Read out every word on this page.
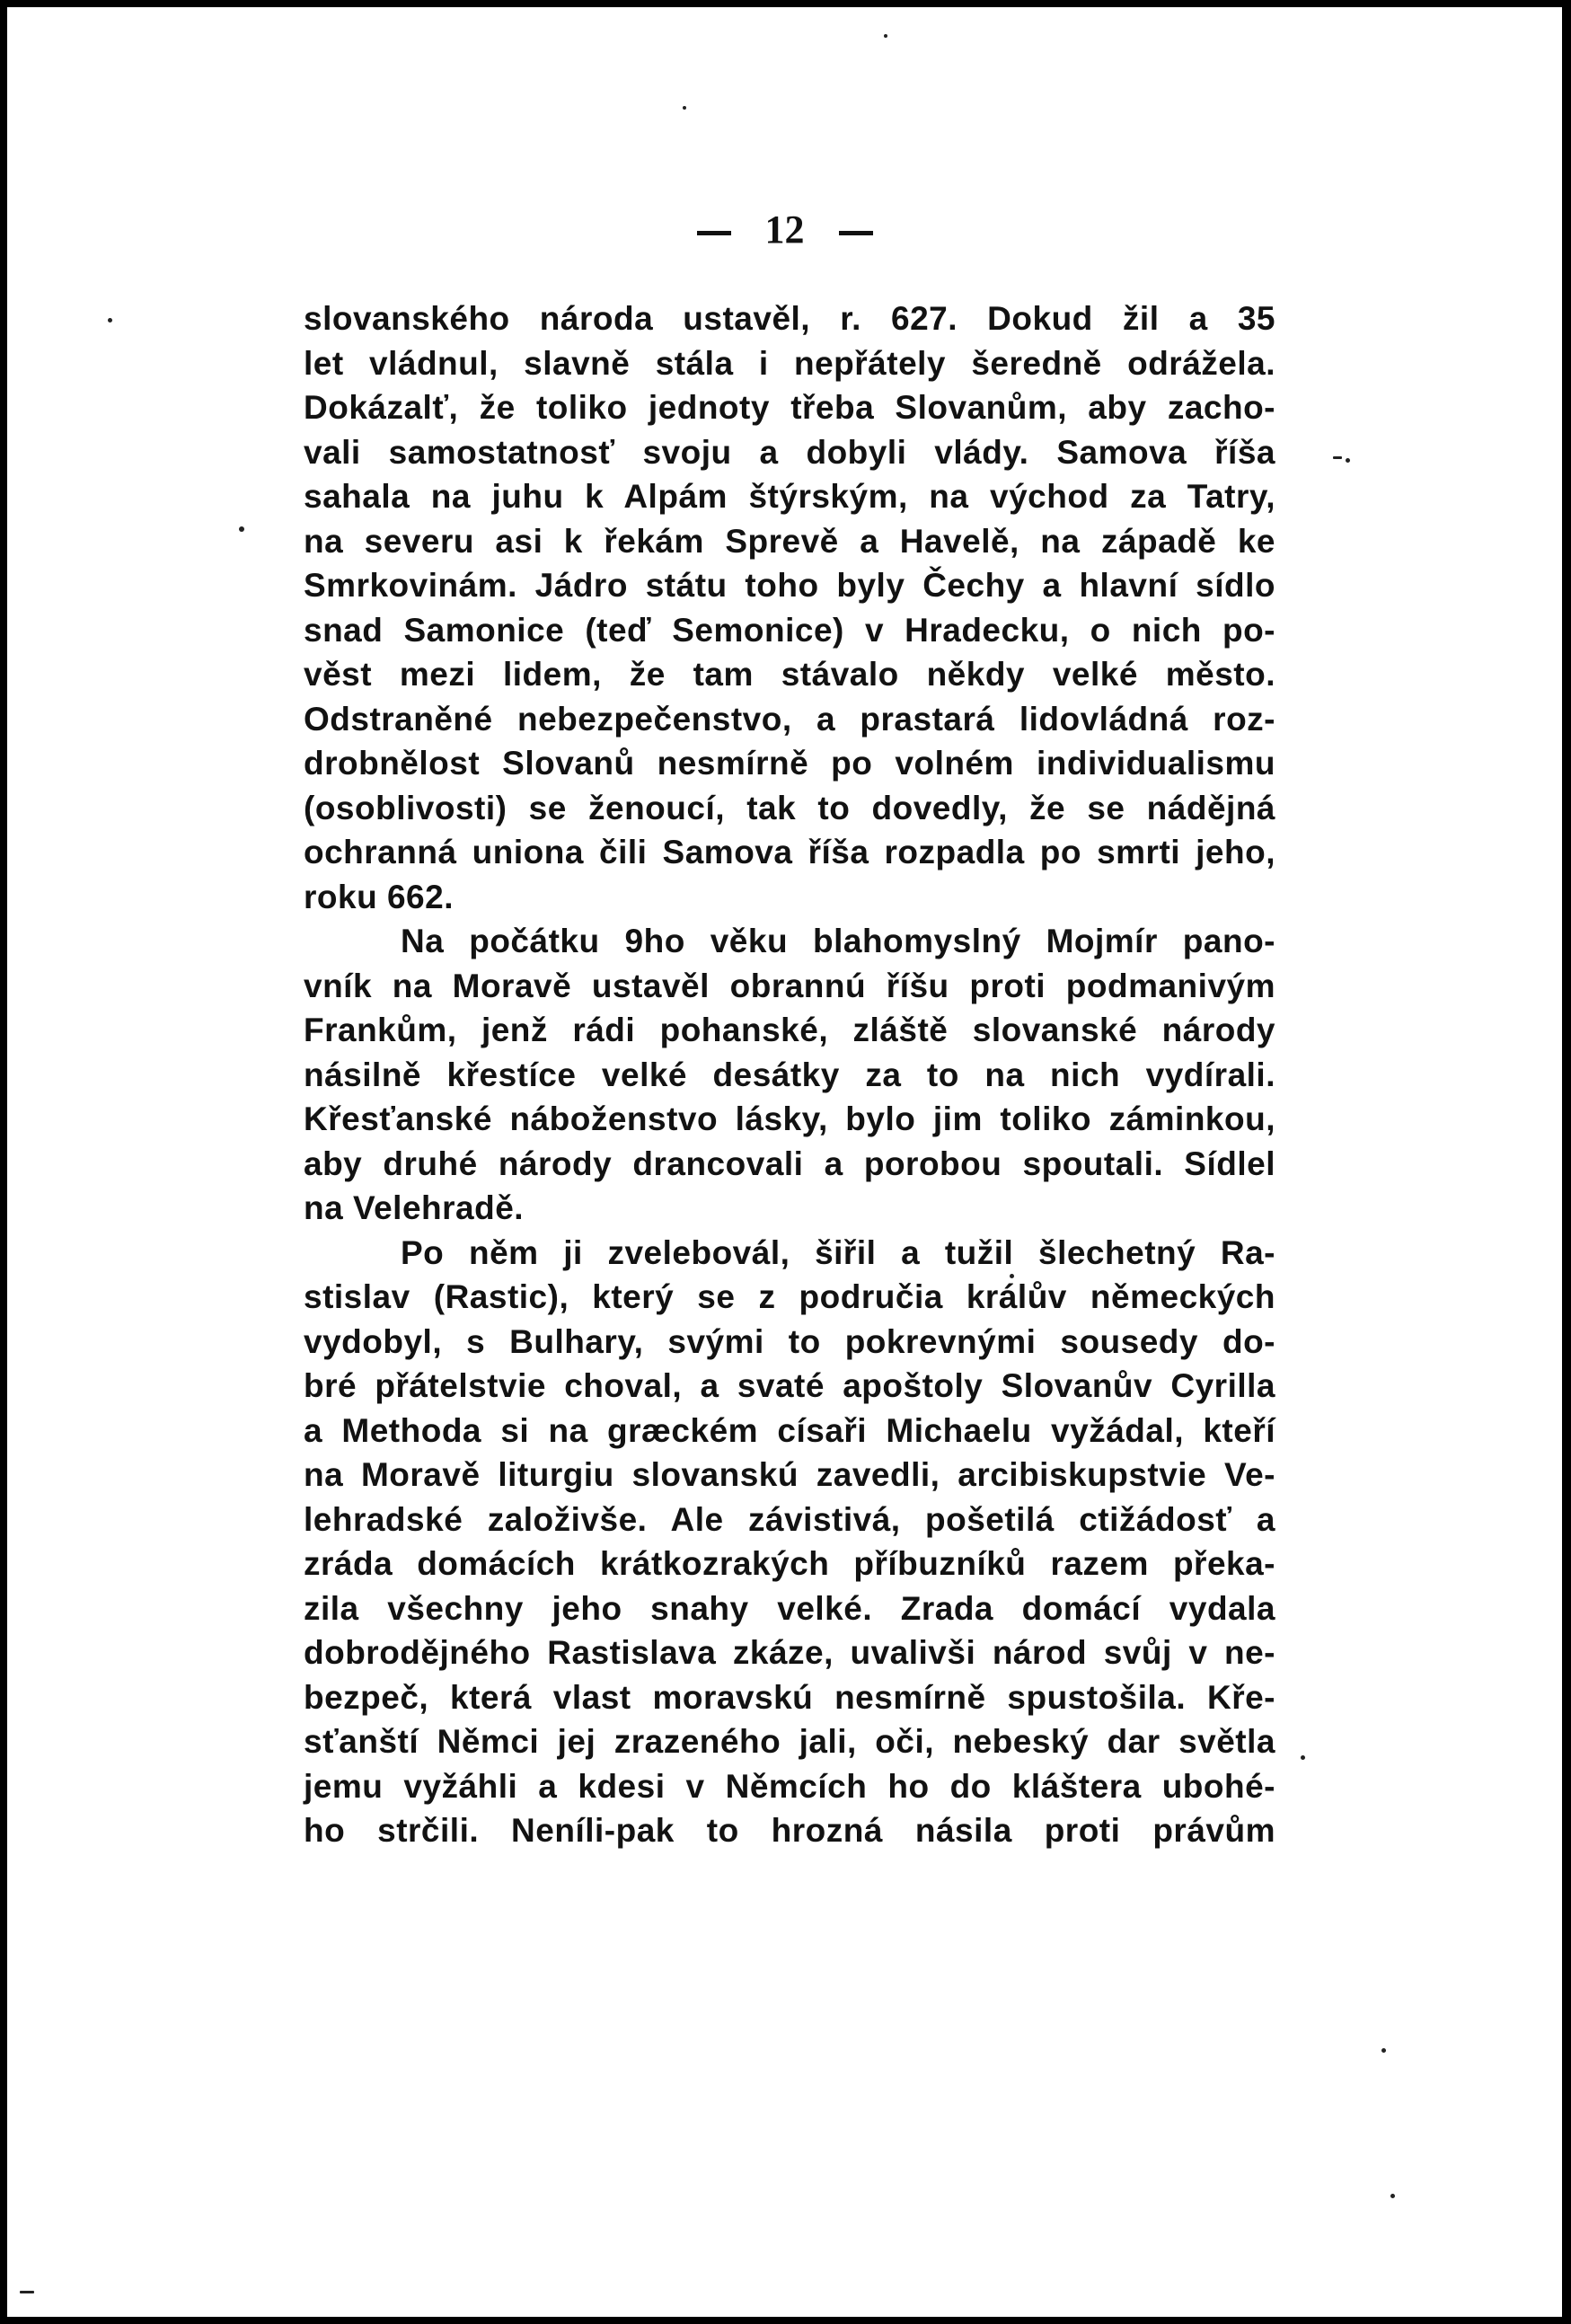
12
slovanského národa ustavěl, r. 627. Dokud žil a 35
let vládnul, slavně stála i nepřátely šeredně odrážela.
Dokázalť, že toliko jednoty třeba Slovanům, aby zacho-
vali samostatnosť svoju a dobyli vlády. Samova říša
sahala na juhu k Alpám štýrským, na východ za Tatry,
na severu asi k řekám Sprevě a Havelě, na západě ke
Smrkovinám. Jádro státu toho byly Čechy a hlavní sídlo
snad Samonice (teď Semonice) v Hradecku, o nich po-
věst mezi lidem, že tam stávalo někdy velké město.
Odstraněné nebezpečenstvo, a prastará lidovládná roz-
drobnělost Slovanů nesmírně po volném individualismu
(osoblivosti) se ženoucí, tak to dovedly, že se nádějná
ochranná uniona čili Samova říša rozpadla po smrti jeho,
roku 662.
Na počátku 9ho věku blahomyslný Mojmír pano-
vník na Moravě ustavěl obrannú říšu proti podmanivým
Frankům, jenž rádi pohanské, zláště slovanské národy
násilně křestíce velké desátky za to na nich vydírali.
Křesťanské náboženstvo lásky, bylo jim toliko záminkou,
aby druhé národy drancovali a porobou spoutali. Sídlel
na Velehradě.
Po něm ji zvelebovál, šiřil a tužil šlechetný Ra-
stislav (Rastic), který se z područia králův německých
vydobyl, s Bulhary, svými to pokrevnými sousedy do-
bré přátelstvie choval, a svaté apoštoly Slovanův Cyrilla
a Methoda si na græckém císaři Michaelu vyžádal, kteří
na Moravě liturgiu slovanskú zavedli, arcibiskupstvie Ve-
lehradské založivše. Ale závistivá, pošetilá ctižádosť a
zráda domácích krátkozrakých příbuzníků razem překa-
zila všechny jeho snahy velké. Zrada domácí vydala
dobrodějného Rastislava zkáze, uvalivši národ svůj v ne-
bezpeč, která vlast moravskú nesmírně spustošila. Kře-
sťanští Němci jej zrazeného jali, oči, nebeský dar světla
jemu vyžáhli a kdesi v Němcích ho do klášterа ubohé-
ho strčili. Neníli-pak to hrozná násila proti právům
